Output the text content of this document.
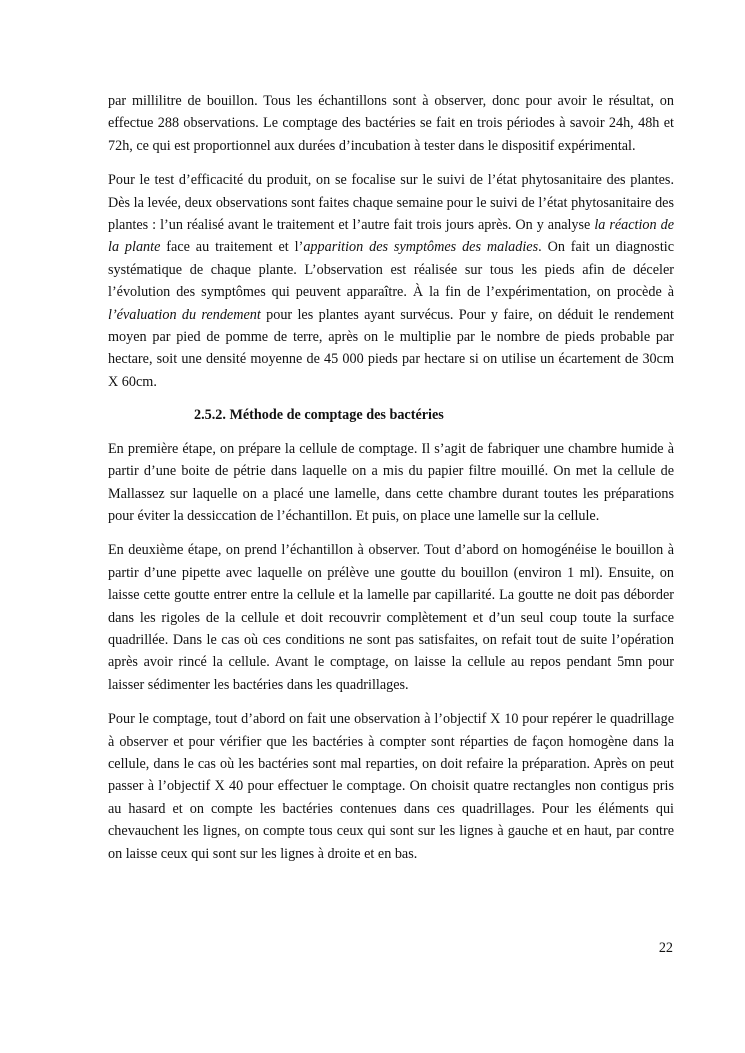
par millilitre de bouillon. Tous les échantillons sont à observer, donc pour avoir le résultat, on effectue 288 observations. Le comptage des bactéries se fait en trois périodes à savoir 24h, 48h et 72h, ce qui est proportionnel aux durées d’incubation à tester dans le dispositif expérimental.

Pour le test d’efficacité du produit, on se focalise sur le suivi de l’état phytosanitaire des plantes. Dès la levée, deux observations sont faites chaque semaine pour le suivi de l’état phytosanitaire des plantes : l’un réalisé avant le traitement et l’autre fait trois jours après. On y analyse la réaction de la plante face au traitement et l’apparition des symptômes des maladies. On fait un diagnostic systématique de chaque plante. L’observation est réalisée sur tous les pieds afin de déceler l’évolution des symptômes qui peuvent apparaître. À la fin de l’expérimentation, on procède à l’évaluation du rendement pour les plantes ayant survécus. Pour y faire, on déduit le rendement moyen par pied de pomme de terre, après on le multiplie par le nombre de pieds probable par hectare, soit une densité moyenne de 45 000 pieds par hectare si on utilise un écartement de 30cm X 60cm.

2.5.2. Méthode de comptage des bactéries

En première étape, on prépare la cellule de comptage. Il s’agit de fabriquer une chambre humide à partir d’une boite de pétrie dans laquelle on a mis du papier filtre mouillé. On met la cellule de Mallassez sur laquelle on a placé une lamelle, dans cette chambre durant toutes les préparations pour éviter la dessiccation de l’échantillon. Et puis, on place une lamelle sur la cellule.

En deuxième étape, on prend l’échantillon à observer. Tout d’abord on homogénéise le bouillon à partir d’une pipette avec laquelle on prélève une goutte du bouillon (environ 1 ml). Ensuite, on laisse cette goutte entrer entre la cellule et la lamelle par capillarité. La goutte ne doit pas déborder dans les rigoles de la cellule et doit recouvrir complètement et d’un seul coup toute la surface quadrillée. Dans le cas où ces conditions ne sont pas satisfaites, on refait tout de suite l’opération après avoir rincé la cellule. Avant le comptage, on laisse la cellule au repos pendant 5mn pour laisser sédimenter les bactéries dans les quadrillages.

Pour le comptage, tout d’abord on fait une observation à l’objectif X 10 pour repérer le quadrillage à observer et pour vérifier que les bactéries à compter sont réparties de façon homogène dans la cellule, dans le cas où les bactéries sont mal reparties, on doit refaire la préparation. Après on peut passer à l’objectif X 40 pour effectuer le comptage. On choisit quatre rectangles non contigus pris au hasard et on compte les bactéries contenues dans ces quadrillages. Pour les éléments qui chevauchent les lignes, on compte tous ceux qui sont sur les lignes à gauche et en haut, par contre on laisse ceux qui sont sur les lignes à droite et en bas.

22
